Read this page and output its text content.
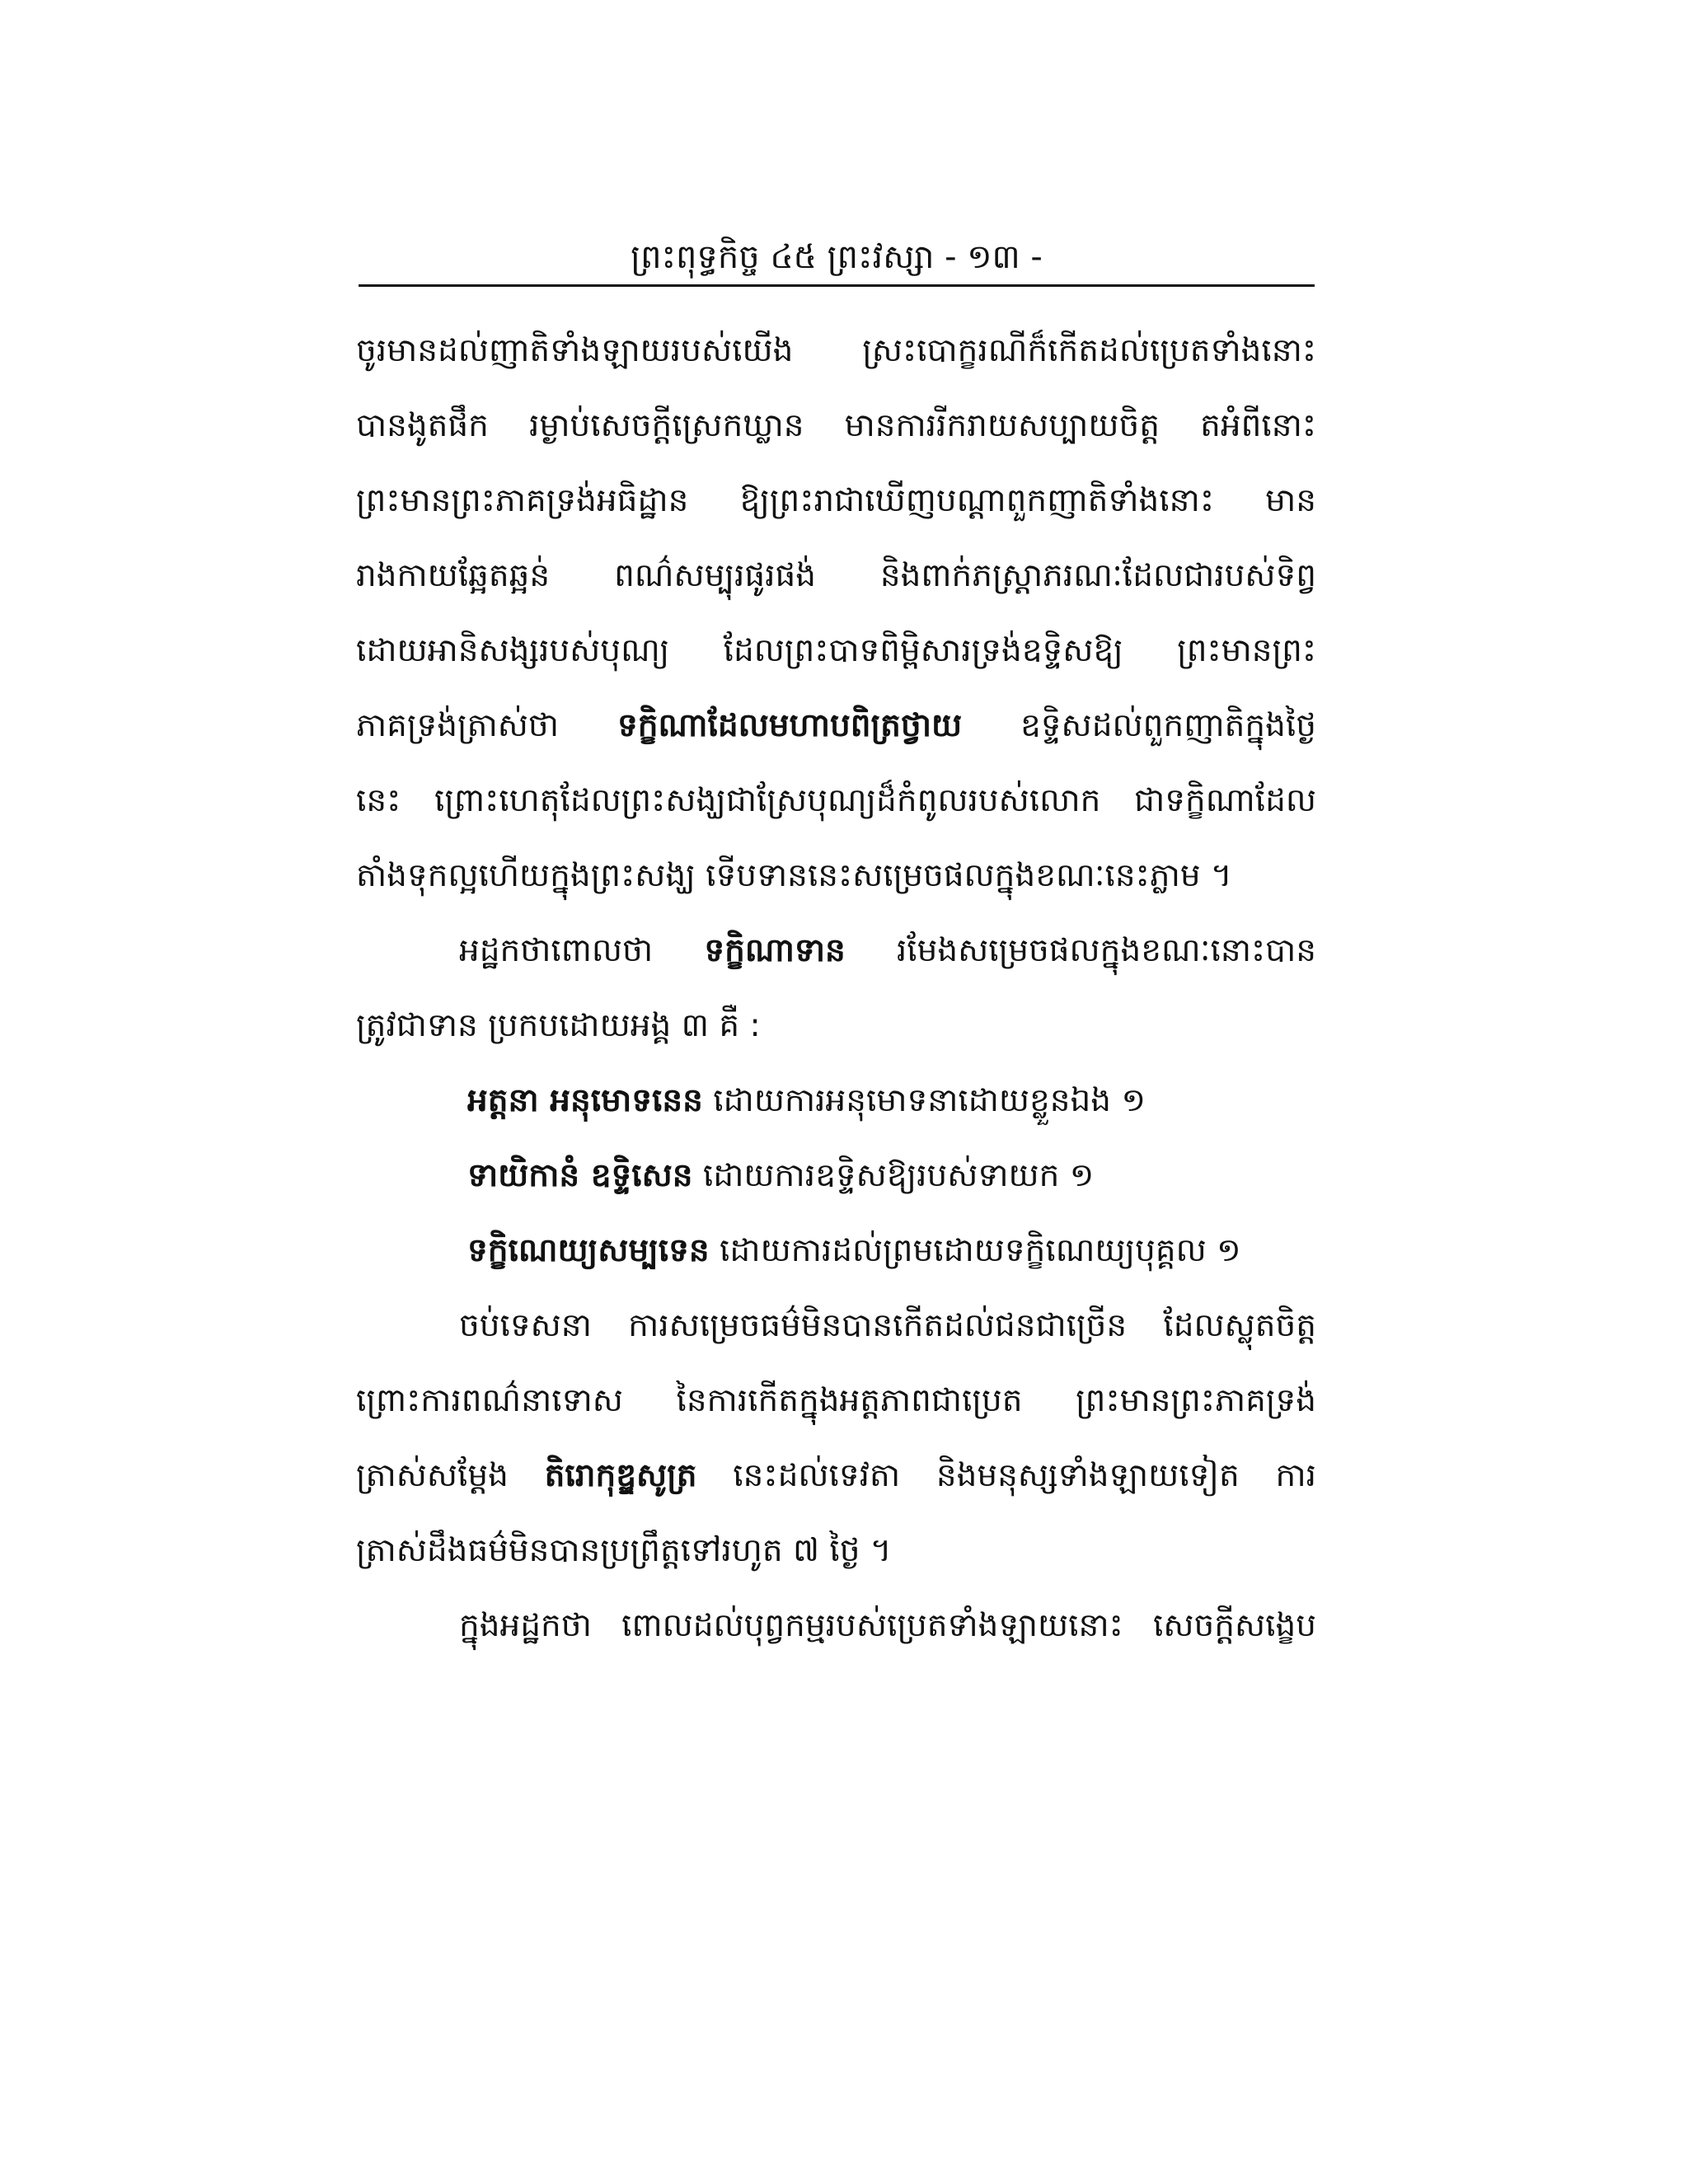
ព្រះពុទ្ធកិច្ច ៤៥ ព្រះវស្សា - ១៣ -
ចូរមានដល់ញាតិទាំងឡាយរបស់យើង ស្រះបោក្ខរណីក៏កើតដល់ប្រេតទាំងនោះ
បានងូតផឹក រម្ងាប់សេចក្តីស្រេកឃ្លាន មានការរីករាយសប្បាយចិត្ត តអំពីនោះ
ព្រះមានព្រះភាគទ្រង់អធិដ្ឋាន ឱ្យព្រះរាជាឃើញបណ្តាពួកញាតិទាំងនោះ មាន
រាងកាយឆ្អែតឆ្អន់ ពណ៌សម្បុរផូរផង់ និងពាក់ភស្ត្រាភរណៈដែលជារបស់ទិព្វ
ដោយអានិសង្សរបស់បុណ្យ ដែលព្រះបាទពិម្ពិសារទ្រង់ឧទ្ទិសឱ្យ ព្រះមានព្រះ
ភាគទ្រង់ត្រាស់ថា ទក្ខិណាដែលមហាបពិត្រថ្វាយ ឧទ្ទិសដល់ពួកញាតិក្នុងថ្ងៃ
នេះ ព្រោះហេតុដែលព្រះសង្ឃជាស្រែបុណ្យដ៏កំពូលរបស់លោក ជាទក្ខិណាដែល
តាំងទុកល្អហើយក្នុងព្រះសង្ឃ ទើបទាននេះសម្រេចផលក្នុងខណៈនេះភ្លាម ។
អដ្ឋកថាពោលថា ទក្ខិណាទាន រមែងសម្រេចផលក្នុងខណៈនោះបាន
ត្រូវជាទាន ប្រកបដោយអង្គ ៣ គឺ :
អត្តនា អនុមោទនេន ដោយការអនុមោទនាដោយខ្លួនឯង ១
ទាយិកានំ ឧទ្ទិសេន ដោយការឧទ្ទិសឱ្យរបស់ទាយក ១
ទក្ខិណេយ្យសម្បទេន ដោយការដល់ព្រមដោយទក្ខិណេយ្យបុគ្គល ១
ចប់ទេសនា ការសម្រេចធម៌មិនបានកើតដល់ជនជាច្រើន ដែលស្លុតចិត្ត
ព្រោះការពណ៌នាទោស នៃការកើតក្នុងអត្តភាពជាប្រេត ព្រះមានព្រះភាគទ្រង់
ត្រាស់សម្តែង តិរោកុឌ្ឌសូត្រ នេះដល់ទេវតា និងមនុស្សទាំងឡាយទៀត ការ
ត្រាស់ដឹងធម៌មិនបានប្រព្រឹត្តទៅរហូត ៧ ថ្ងៃ ។
ក្នុងអដ្ឋកថា ពោលដល់បុព្វកម្មរបស់ប្រេតទាំងឡាយនោះ សេចក្តីសង្ខេប
